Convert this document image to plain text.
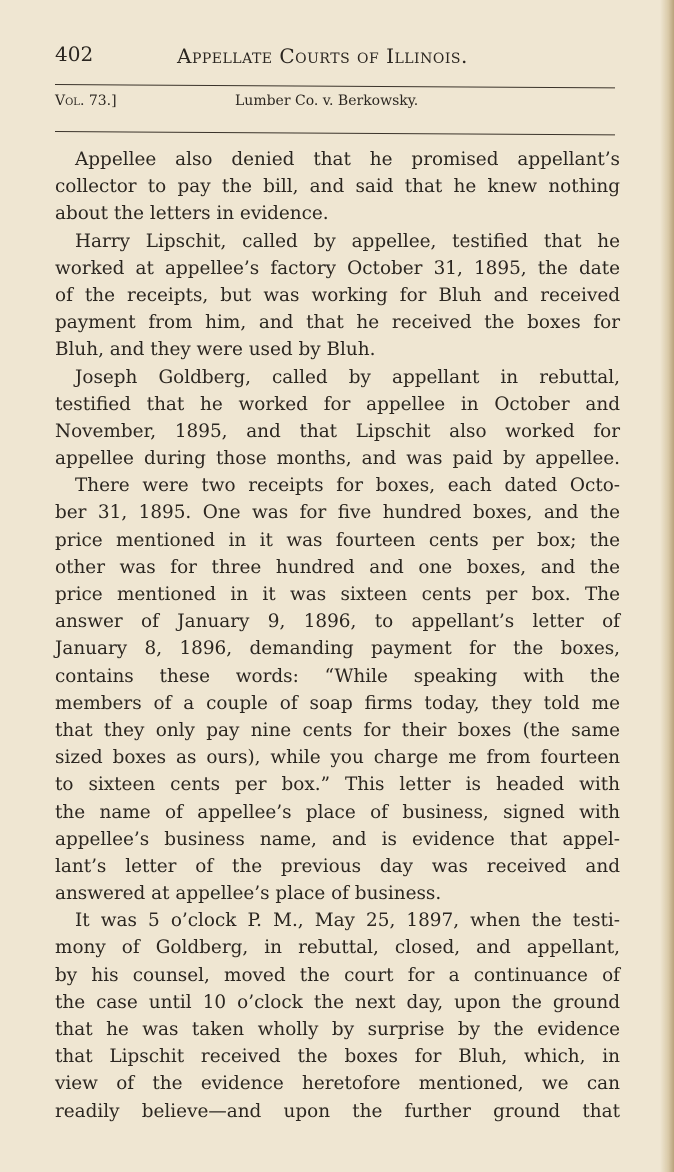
402	Appellate Courts of Illinois.
Vol. 73.]	Lumber Co. v. Berkowsky.
Appellee also denied that he promised appellant’s
collector to pay the bill, and said that he knew nothing
about the letters in evidence.
Harry Lipschit, called by appellee, testified that he
worked at appellee’s factory October 31, 1895, the date
of the receipts, but was working for Bluh and received
payment from him, and that he received the boxes for
Bluh, and they were used by Bluh.
Joseph Goldberg, called by appellant in rebuttal,
testified that he worked for appellee in October and
November, 1895, and that Lipschit also worked for
appellee during those months, and was paid by appellee.
There were two receipts for boxes, each dated Octo-
ber 31, 1895. One was for five hundred boxes, and the
price mentioned in it was fourteen cents per box; the
other was for three hundred and one boxes, and the
price mentioned in it was sixteen cents per box. The
answer of January 9, 1896, to appellant’s letter of
January 8, 1896, demanding payment for the boxes,
contains these words: “While speaking with the
members of a couple of soap firms today, they told me
that they only pay nine cents for their boxes (the same
sized boxes as ours), while you charge me from fourteen
to sixteen cents per box.” This letter is headed with
the name of appellee’s place of business, signed with
appellee’s business name, and is evidence that appel-
lant’s letter of the previous day was received and
answered at appellee’s place of business.
It was 5 o’clock P. M., May 25, 1897, when the testi-
mony of Goldberg, in rebuttal, closed, and appellant,
by his counsel, moved the court for a continuance of
the case until 10 o’clock the next day, upon the ground
that he was taken wholly by surprise by the evidence
that Lipschit received the boxes for Bluh, which, in
view of the evidence heretofore mentioned, we can
readily believe—and upon the further ground that
